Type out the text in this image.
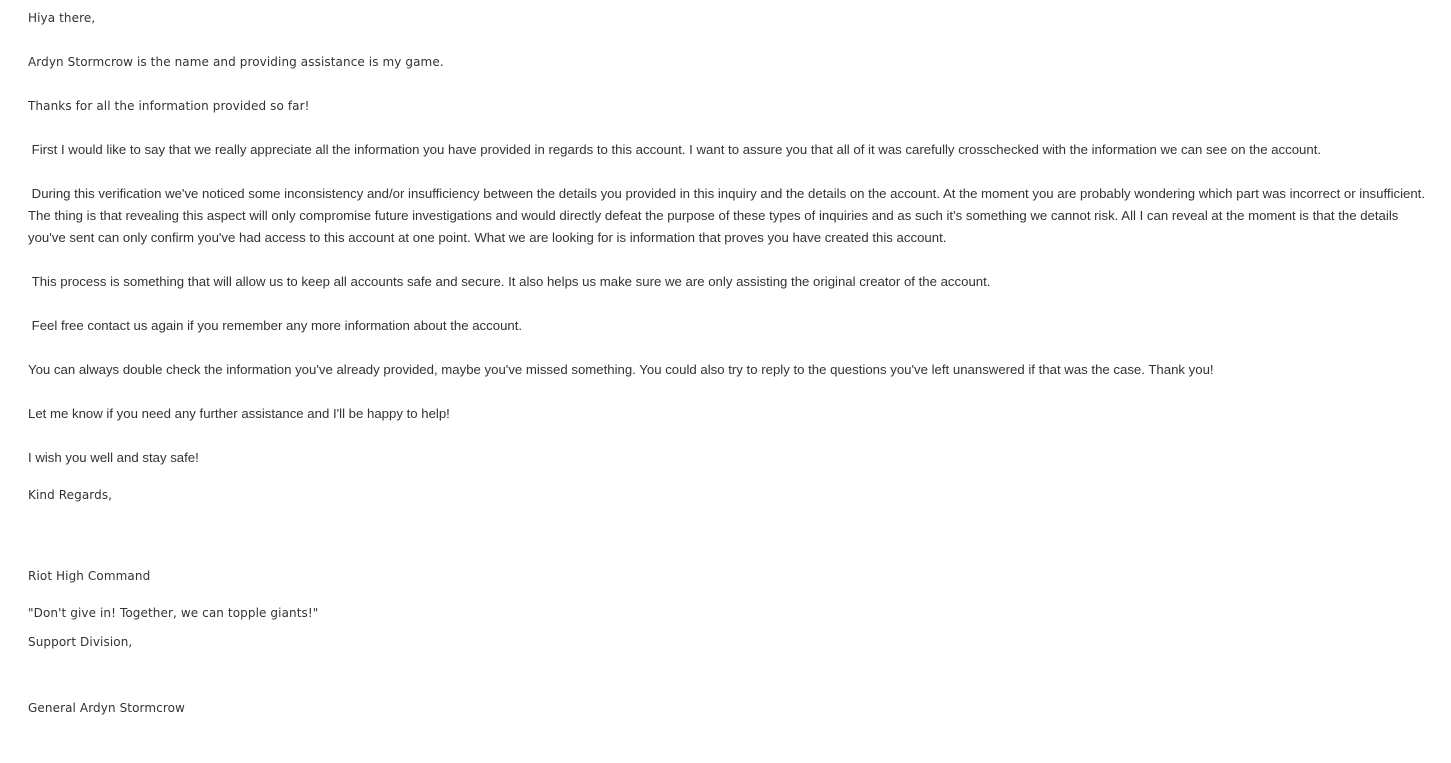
Hiya there,

Ardyn Stormcrow is the name and providing assistance is my game.

Thanks for all the information provided so far!

First I would like to say that we really appreciate all the information you have provided in regards to this account. I want to assure you that all of it was carefully crosschecked with the information we can see on the account.

During this verification we've noticed some inconsistency and/or insufficiency between the details you provided in this inquiry and the details on the account. At the moment you are probably wondering which part was incorrect or insufficient. The thing is that revealing this aspect will only compromise future investigations and would directly defeat the purpose of these types of inquiries and as such it's something we cannot risk. All I can reveal at the moment is that the details you've sent can only confirm you've had access to this account at one point. What we are looking for is information that proves you have created this account.

This process is something that will allow us to keep all accounts safe and secure. It also helps us make sure we are only assisting the original creator of the account.

Feel free contact us again if you remember any more information about the account.

You can always double check the information you've already provided, maybe you've missed something. You could also try to reply to the questions you've left unanswered if that was the case. Thank you!

Let me know if you need any further assistance and I'll be happy to help!

I wish you well and stay safe!

Kind Regards,

Riot High Command

Support Division,

General Ardyn Stormcrow

"Don't give in! Together, we can topple giants!"
